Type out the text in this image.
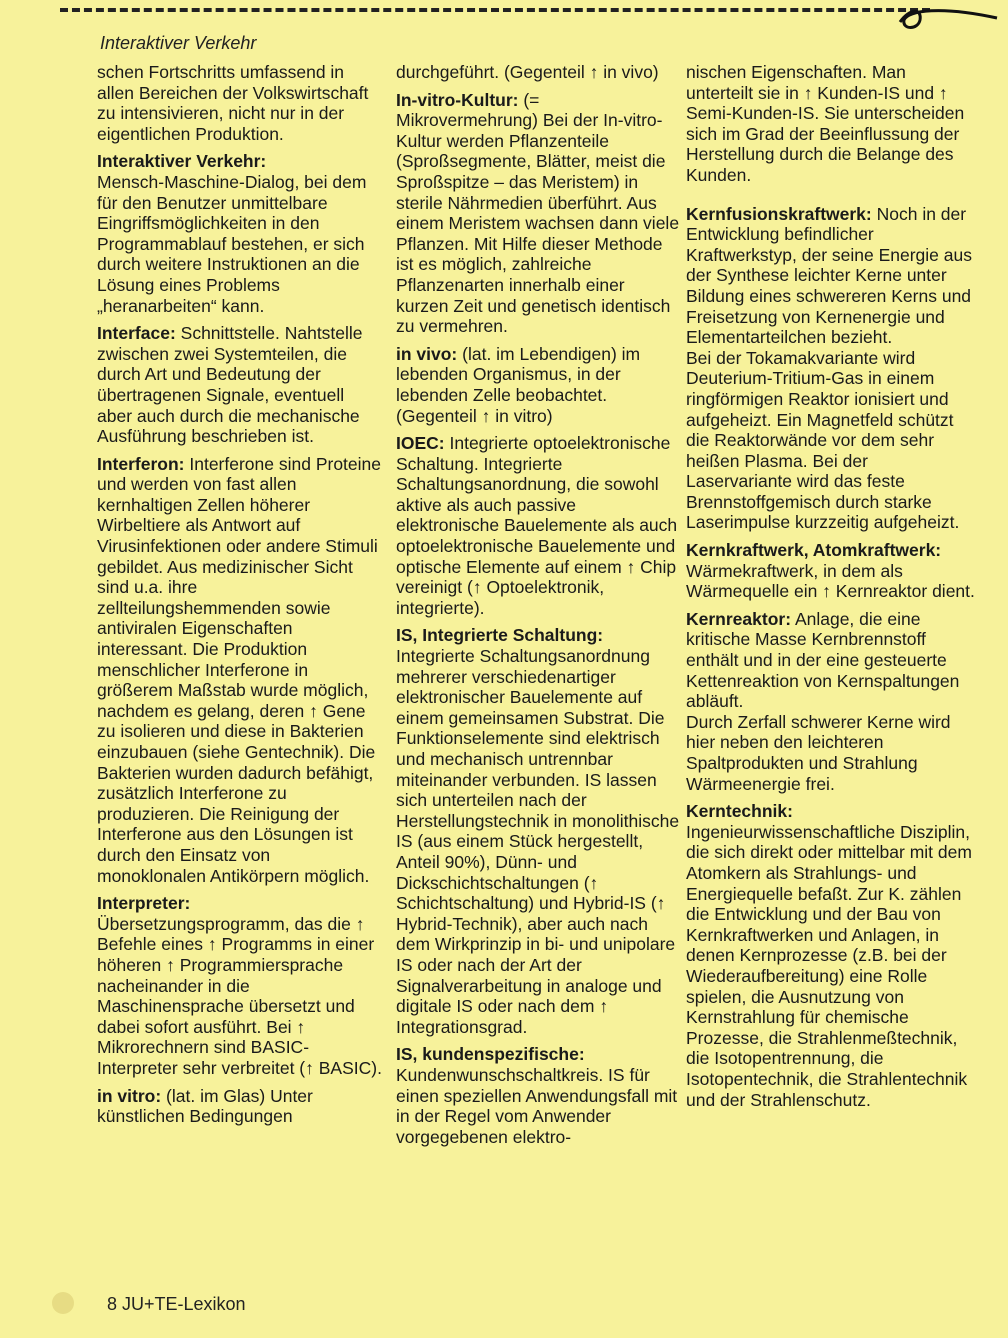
Interaktiver Verkehr

schen Fortschritts umfassend in allen Bereichen der Volkswirtschaft zu intensivieren, nicht nur in der eigentlichen Produktion.

Interaktiver Verkehr:
Mensch-Maschine-Dialog, bei dem für den Benutzer unmittelbare Eingriffsmöglichkeiten in den Programmablauf bestehen, er sich durch weitere Instruktionen an die Lösung eines Problems „heranarbeiten“ kann.

Interface: Schnittstelle. Nahtstelle zwischen zwei Systemteilen, die durch Art und Bedeutung der übertragenen Signale, eventuell aber auch durch die mechanische Ausführung beschrieben ist.

Interferon: Interferone sind Proteine und werden von fast allen kernhaltigen Zellen höherer Wirbeltiere als Antwort auf Virusinfektionen oder andere Stimuli gebildet. Aus medizinischer Sicht sind u.a. ihre zellteilungshemmenden sowie antiviralen Eigenschaften interessant. Die Produktion menschlicher Interferone in größerem Maßstab wurde möglich, nachdem es gelang, deren ↑ Gene zu isolieren und diese in Bakterien einzubauen (siehe Gentechnik). Die Bakterien wurden dadurch befähigt, zusätzlich Interferone zu produzieren. Die Reinigung der Interferone aus den Lösungen ist durch den Einsatz von monoklonalen Antikörpern möglich.

Interpreter: Übersetzungsprogramm, das die ↑ Befehle eines ↑ Programms in einer höheren ↑ Programmiersprache nacheinander in die Maschinensprache übersetzt und dabei sofort ausführt. Bei ↑ Mikrorechnern sind BASIC-Interpreter sehr verbreitet (↑ BASIC).

in vitro: (lat. im Glas) Unter künstlichen Bedingungen

durchgeführt. (Gegenteil ↑ in vivo)

In-vitro-Kultur: (= Mikrovermehrung) Bei der In-vitro-Kultur werden Pflanzenteile (Sproßsegmente, Blätter, meist die Sproßspitze – das Meristem) in sterile Nährmedien überführt. Aus einem Meristem wachsen dann viele Pflanzen. Mit Hilfe dieser Methode ist es möglich, zahlreiche Pflanzenarten innerhalb einer kurzen Zeit und genetisch identisch zu vermehren.

in vivo: (lat. im Lebendigen) im lebenden Organismus, in der lebenden Zelle beobachtet. (Gegenteil ↑ in vitro)

IOEC: Integrierte optoelektronische Schaltung. Integrierte Schaltungsanordnung, die sowohl aktive als auch passive elektronische Bauelemente als auch optoelektronische Bauelemente und optische Elemente auf einem ↑ Chip vereinigt (↑ Optoelektronik, integrierte).

IS, Integrierte Schaltung: Integrierte Schaltungsanordnung mehrerer verschiedenartiger elektronischer Bauelemente auf einem gemeinsamen Substrat. Die Funktionselemente sind elektrisch und mechanisch untrennbar miteinander verbunden. IS lassen sich unterteilen nach der Herstellungstechnik in monolithische IS (aus einem Stück hergestellt, Anteil 90%), Dünn- und Dickschichtschaltungen (↑ Schichtschaltung) und Hybrid-IS (↑ Hybrid-Technik), aber auch nach dem Wirkprinzip in bi- und unipolare IS oder nach der Art der Signalverarbeitung in analoge und digitale IS oder nach dem ↑ Integrationsgrad.

IS, kundenspezifische: Kundenwunschschaltkreis. IS für einen speziellen Anwendungsfall mit in der Regel vom Anwender vorgegebenen elektro-

nischen Eigenschaften. Man unterteilt sie in ↑ Kunden-IS und ↑ Semi-Kunden-IS. Sie unterscheiden sich im Grad der Beeinflussung der Herstellung durch die Belange des Kunden.

Kernfusionskraftwerk: Noch in der Entwicklung befindlicher Kraftwerkstyp, der seine Energie aus der Synthese leichter Kerne unter Bildung eines schwereren Kerns und Freisetzung von Kernenergie und Elementarteilchen bezieht.

Bei der Tokamakvariante wird Deuterium-Tritium-Gas in einem ringförmigen Reaktor ionisiert und aufgeheizt. Ein Magnetfeld schützt die Reaktorwände vor dem sehr heißen Plasma. Bei der Laservariante wird das feste Brennstoffgemisch durch starke Laserimpulse kurzzeitig aufgeheizt.

Kernkraftwerk, Atomkraftwerk: Wärmekraftwerk, in dem als Wärmequelle ein ↑ Kernreaktor dient.

Kernreaktor: Anlage, die eine kritische Masse Kernbrennstoff enthält und in der eine gesteuerte Kettenreaktion von Kernspaltungen abläuft.

Durch Zerfall schwerer Kerne wird hier neben den leichteren Spaltprodukten und Strahlung Wärmeenergie frei.

Kerntechnik: Ingenieurwissenschaftliche Disziplin, die sich direkt oder mittelbar mit dem Atomkern als Strahlungs- und Energiequelle befaßt. Zur K. zählen die Entwicklung und der Bau von Kernkraftwerken und Anlagen, in denen Kernprozesse (z.B. bei der Wiederaufbereitung) eine Rolle spielen, die Ausnutzung von Kernstrahlung für chemische Prozesse, die Strahlenmeßtechnik, die Isotopentrennung, die Isotopentechnik, die Strahlentechnik und der Strahlenschutz.

8 JU+TE-Lexikon
